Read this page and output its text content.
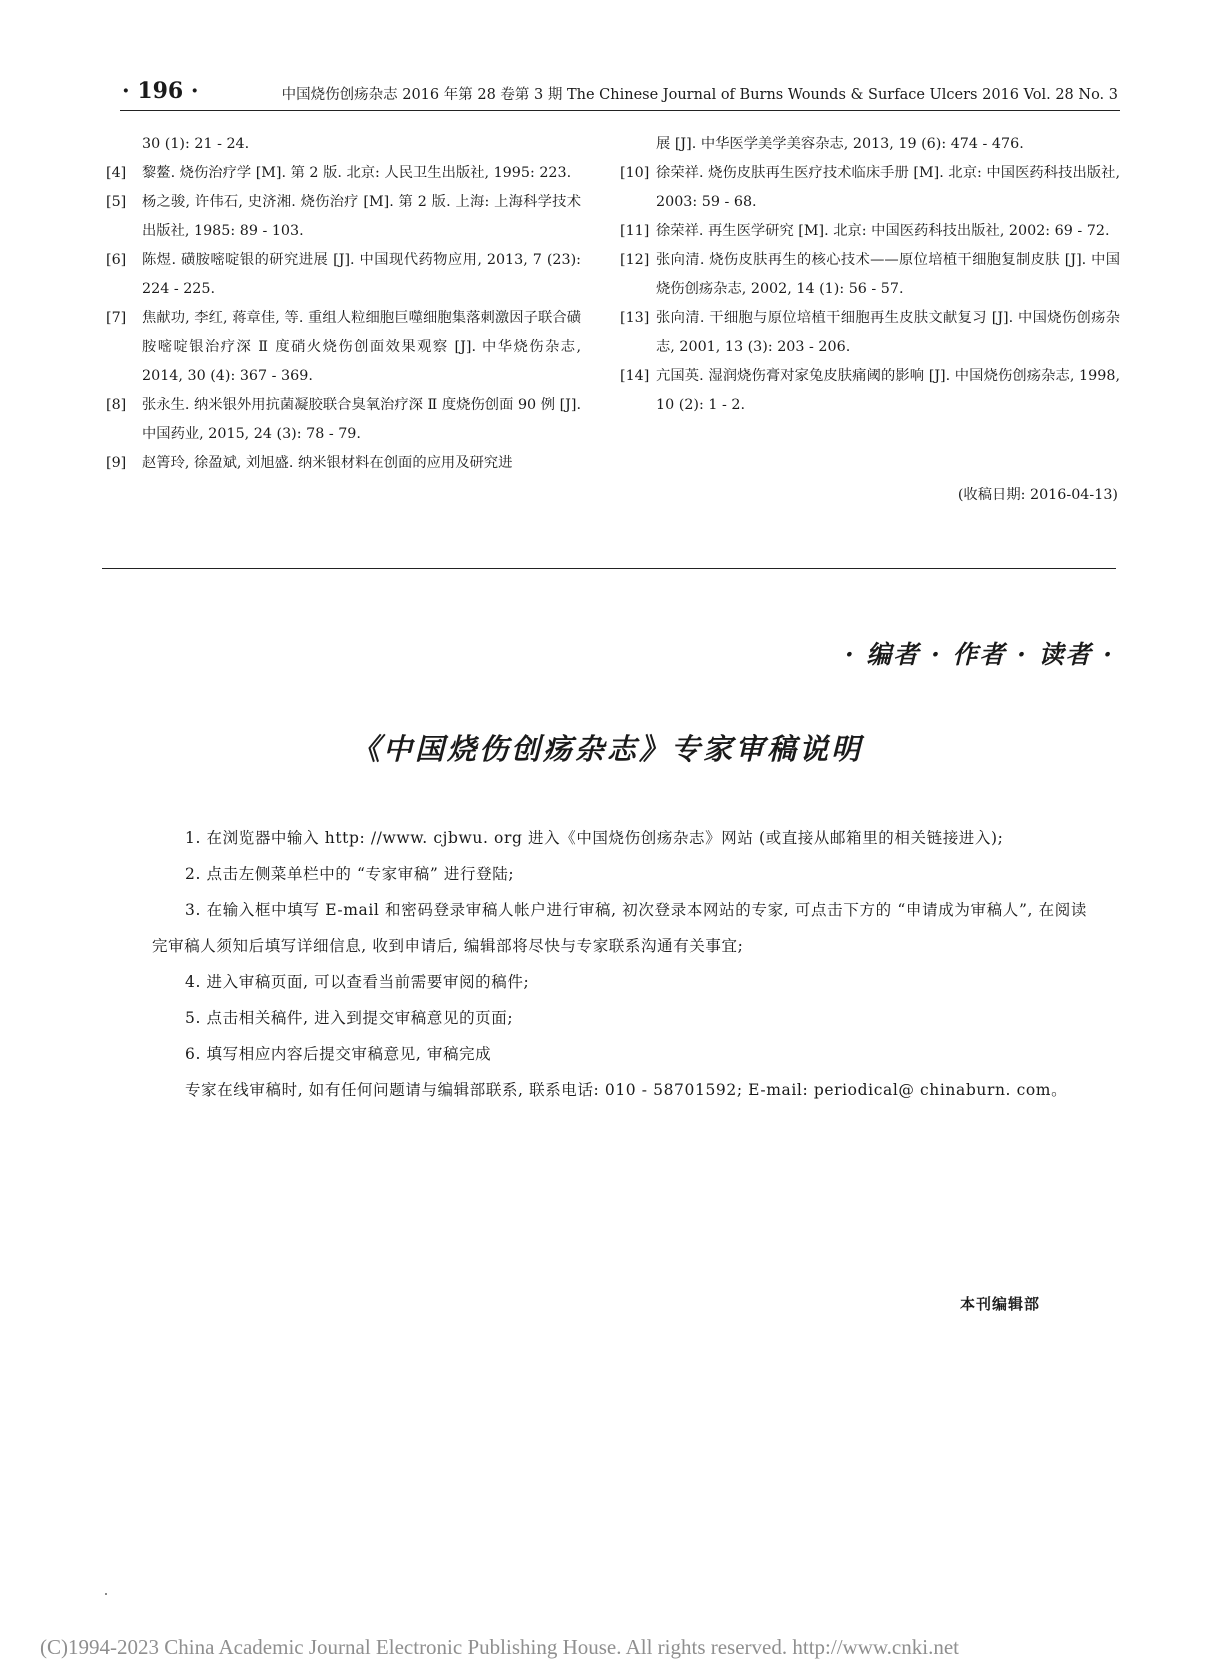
· 196 ·	中国烧伤创疡杂志 2016 年第 28 卷第 3 期 The Chinese Journal of Burns Wounds & Surface Ulcers 2016 Vol. 28 No. 3
30 (1): 21 - 24.
[4] 黎鳌. 烧伤治疗学 [M]. 第 2 版. 北京: 人民卫生出版社, 1995: 223.
[5] 杨之骏, 许伟石, 史济湘. 烧伤治疗 [M]. 第 2 版. 上海: 上海科学技术出版社, 1985: 89 - 103.
[6] 陈煜. 磺胺嘧啶银的研究进展 [J]. 中国现代药物应用, 2013, 7 (23): 224 - 225.
[7] 焦献功, 李红, 蒋章佳, 等. 重组人粒细胞巨噬细胞集落刺激因子联合磺胺嘧啶银治疗深 Ⅱ 度硝火烧伤创面效果观察 [J]. 中华烧伤杂志, 2014, 30 (4): 367 - 369.
[8] 张永生. 纳米银外用抗菌凝胶联合臭氧治疗深 Ⅱ 度烧伤创面 90 例 [J]. 中国药业, 2015, 24 (3): 78 - 79.
[9] 赵箐玲, 徐盈斌, 刘旭盛. 纳米银材料在创面的应用及研究进
展 [J]. 中华医学美学美容杂志, 2013, 19 (6): 474 - 476.
[10] 徐荣祥. 烧伤皮肤再生医疗技术临床手册 [M]. 北京: 中国医药科技出版社, 2003: 59 - 68.
[11] 徐荣祥. 再生医学研究 [M]. 北京: 中国医药科技出版社, 2002: 69 - 72.
[12] 张向清. 烧伤皮肤再生的核心技术——原位培植干细胞复制皮肤 [J]. 中国烧伤创疡杂志, 2002, 14 (1): 56 - 57.
[13] 张向清. 干细胞与原位培植干细胞再生皮肤文献复习 [J]. 中国烧伤创疡杂志, 2001, 13 (3): 203 - 206.
[14] 亢国英. 湿润烧伤膏对家兔皮肤痛阈的影响 [J]. 中国烧伤创疡杂志, 1998, 10 (2): 1 - 2.
(收稿日期: 2016-04-13)
· 编者 · 作者 · 读者 ·
《中国烧伤创疡杂志》专家审稿说明

1. 在浏览器中输入 http: //www. cjbwu. org 进入《中国烧伤创疡杂志》网站 (或直接从邮箱里的相关链接进入);

2. 点击左侧菜单栏中的 “专家审稿” 进行登陆;

3. 在输入框中填写 E-mail 和密码登录审稿人帐户进行审稿, 初次登录本网站的专家, 可点击下方的 “申请成为审稿人”, 在阅读完审稿人须知后填写详细信息, 收到申请后, 编辑部将尽快与专家联系沟通有关事宜;

4. 进入审稿页面, 可以查看当前需要审阅的稿件;

5. 点击相关稿件, 进入到提交审稿意见的页面;

6. 填写相应内容后提交审稿意见, 审稿完成

专家在线审稿时, 如有任何问题请与编辑部联系, 联系电话: 010 - 58701592; E-mail: periodical@ chinaburn. com。

本刊编辑部
(C)1994-2023 China Academic Journal Electronic Publishing House. All rights reserved. http://www.cnki.net
